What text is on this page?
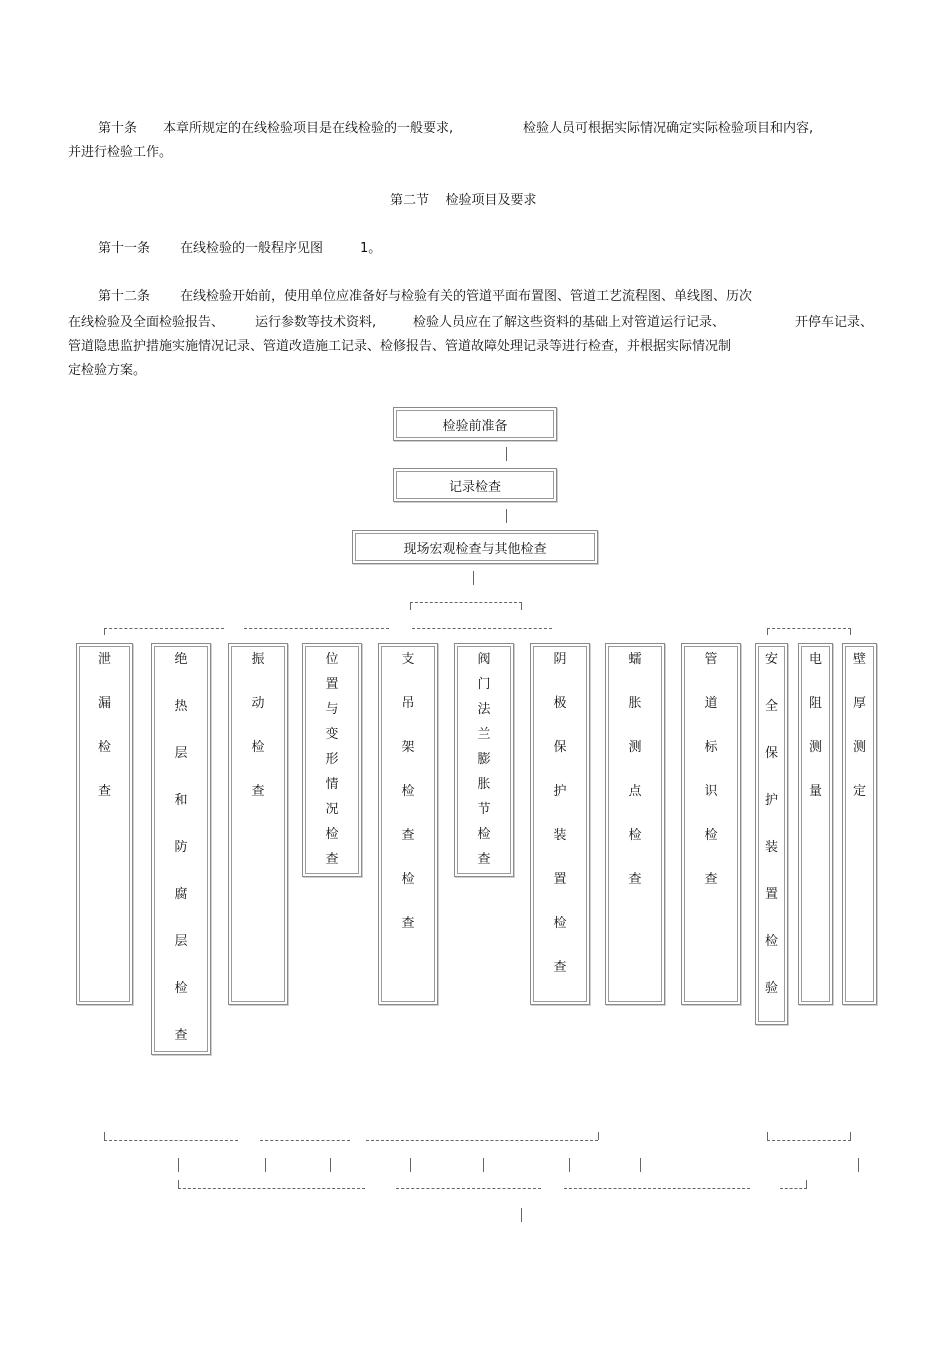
第十条 本章所规定的在线检验项目是在线检验的一般要求,	检验人员可根据实际情况确定实际检验项目和内容,
并进行检验工作。
第二节    检验项目及要求
第十一条 在线检验的一般程序见图	1。
第十二条 在线检验开始前，使用单位应准备好与检验有关的管道平面布置图、管道工艺流程图、单线图、历次
在线检验及全面检验报告、 运行参数等技术资料,	检验人员应在了解这些资料的基础上对管道运行记录、	开停车记录、
管道隐患监护措施实施情况记录、管道改造施工记录、检修报告、管道故障处理记录等进行检查，并根据实际情况制
定检验方案。
检验前准备
记录检查
现场宏观检查与其他检查
泄
漏
检
查
绝
热
层
和
防
腐
层
检
查
振
动
检
查
位
置
与
变
形
情
况
检
查
支
吊
架
检
查
检
查
阀
门
法
兰
膨
胀
节
检
查
阴
极
保
护
装
置
检
查
蠕
胀
测
点
检
查
管
道
标
识
检
查
安
全
保
护
装
置
检
验
电
阻
测
量
壁
厚
测
定
